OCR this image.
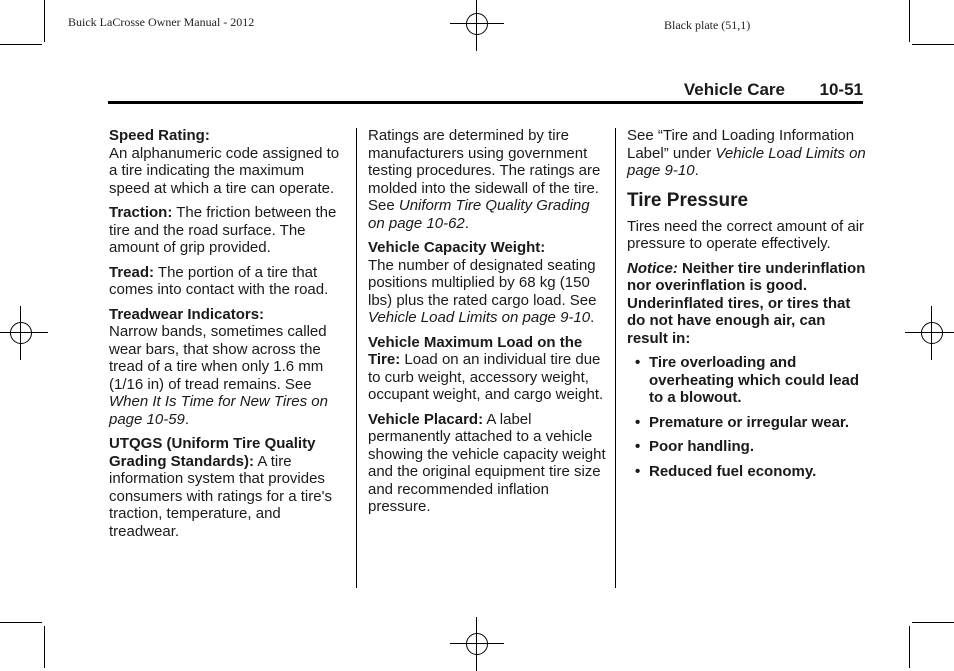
Buick LaCrosse Owner Manual - 2012	Black plate (51,1)
Vehicle Care 10-51

Speed Rating:
An alphanumeric code assigned to a tire indicating the maximum speed at which a tire can operate.

Traction: The friction between the tire and the road surface. The amount of grip provided.

Tread: The portion of a tire that comes into contact with the road.

Treadwear Indicators:
Narrow bands, sometimes called wear bars, that show across the tread of a tire when only 1.6 mm (1/16 in) of tread remains. See When It Is Time for New Tires on page 10-59.

UTQGS (Uniform Tire Quality Grading Standards): A tire information system that provides consumers with ratings for a tire's traction, temperature, and treadwear.

Ratings are determined by tire manufacturers using government testing procedures. The ratings are molded into the sidewall of the tire. See Uniform Tire Quality Grading on page 10-62.

Vehicle Capacity Weight:
The number of designated seating positions multiplied by 68 kg (150 lbs) plus the rated cargo load. See Vehicle Load Limits on page 9-10.

Vehicle Maximum Load on the Tire: Load on an individual tire due to curb weight, accessory weight, occupant weight, and cargo weight.

Vehicle Placard: A label permanently attached to a vehicle showing the vehicle capacity weight and the original equipment tire size and recommended inflation pressure.

See “Tire and Loading Information Label” under Vehicle Load Limits on page 9-10.

Tire Pressure

Tires need the correct amount of air pressure to operate effectively.

Notice: Neither tire underinflation nor overinflation is good. Underinflated tires, or tires that do not have enough air, can result in:

• Tire overloading and overheating which could lead to a blowout.
• Premature or irregular wear.
• Poor handling.
• Reduced fuel economy.
